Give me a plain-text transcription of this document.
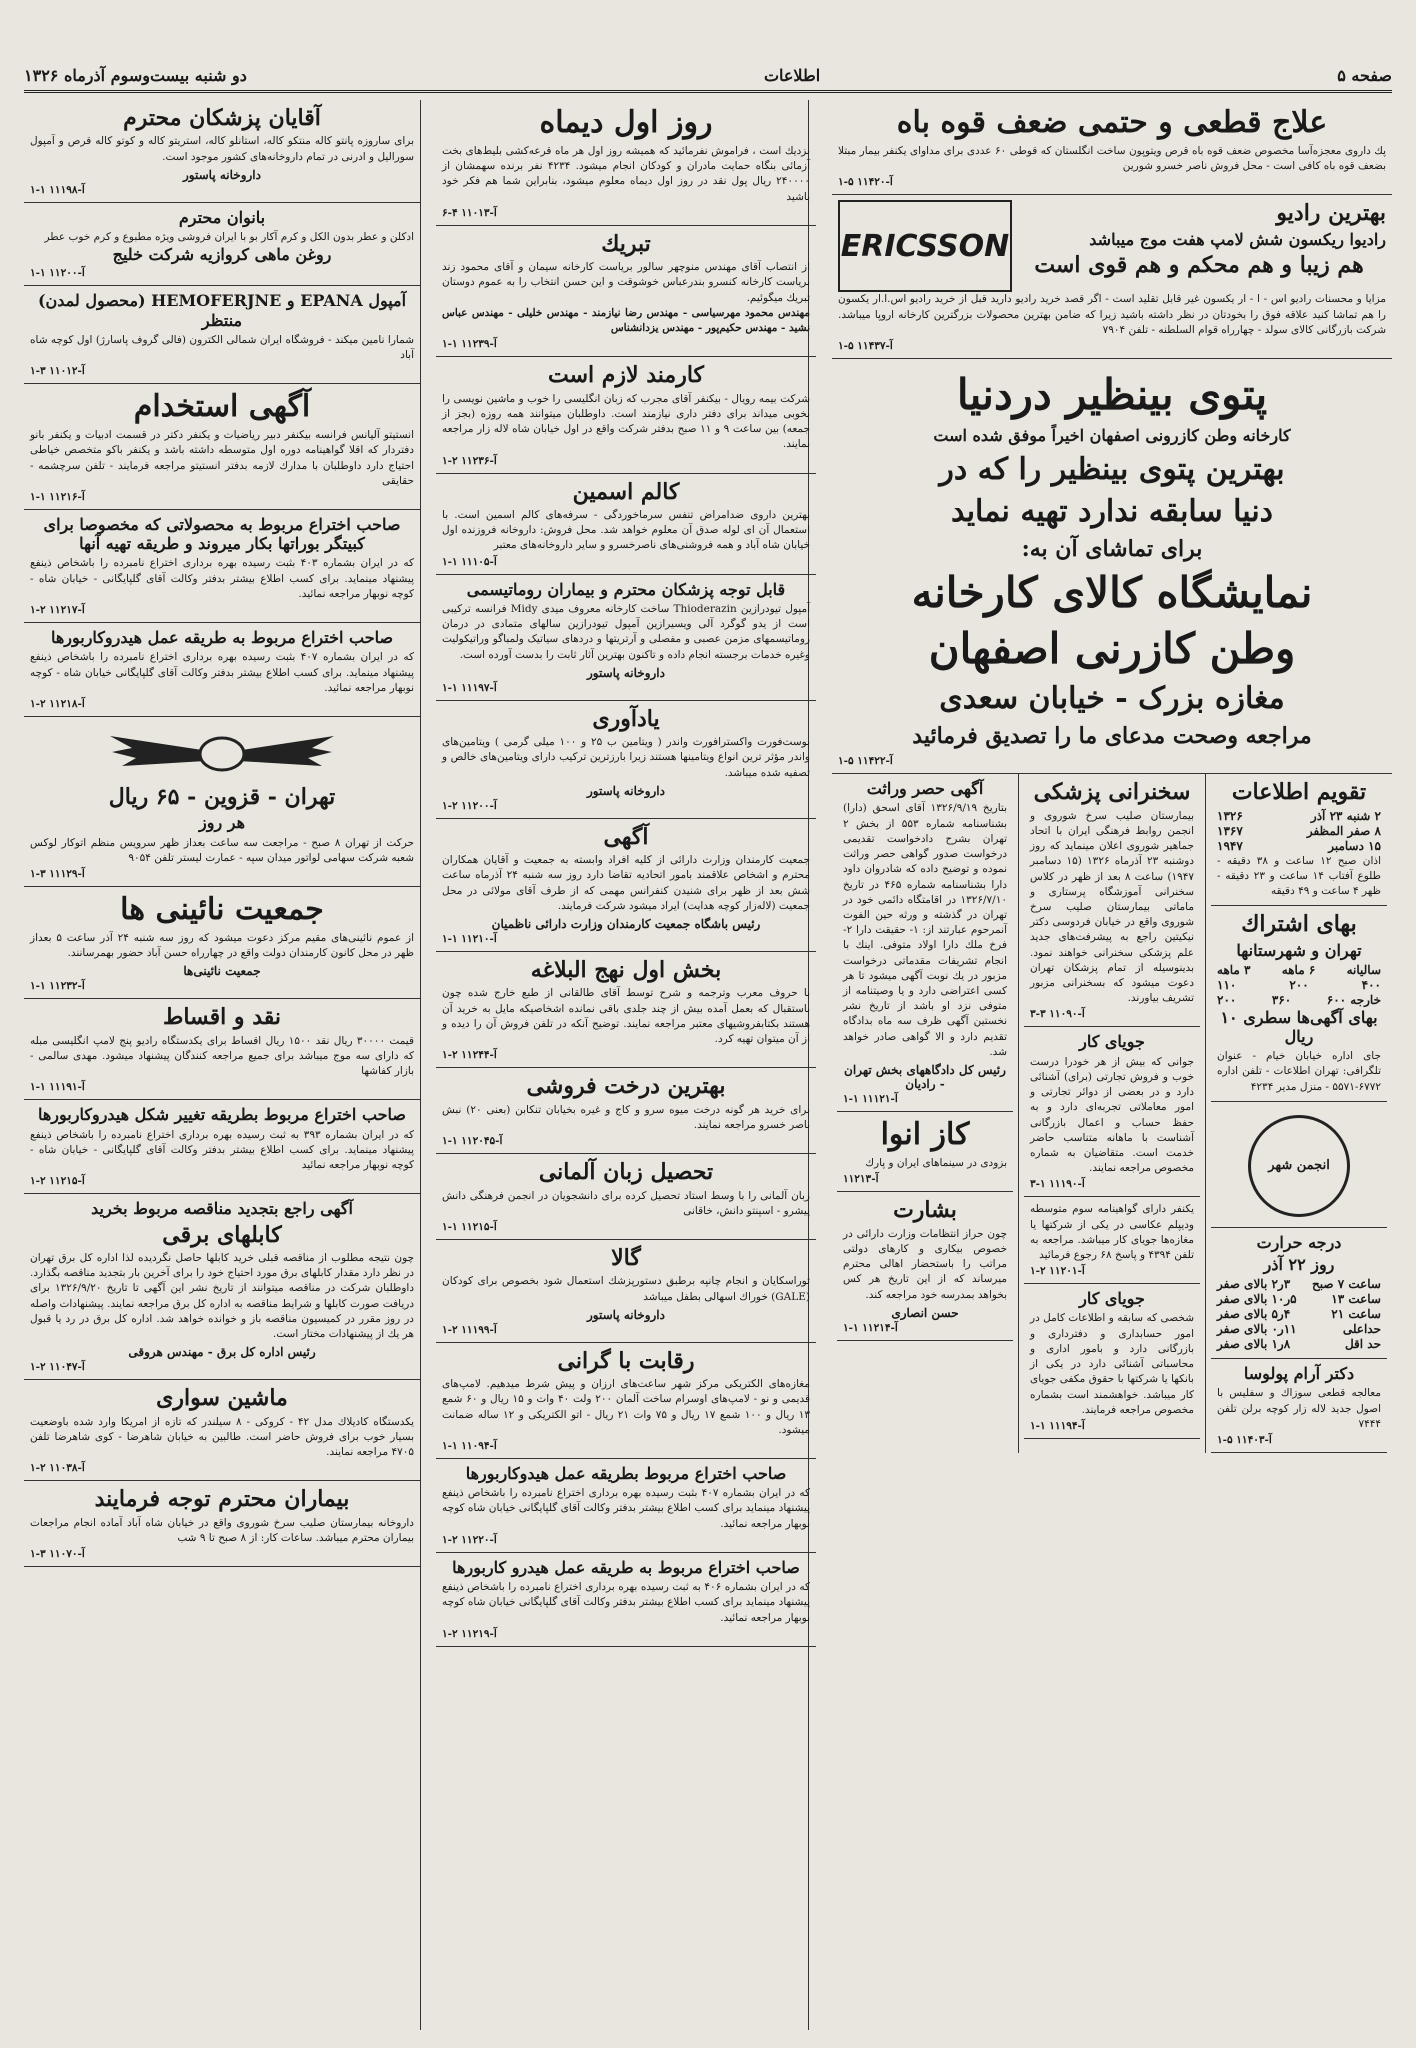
صفحه ۵
اطلاعات
دو شنبه بیست‌وسوم آذرماه ۱۳۲۶
علاج قطعی و حتمی ضعف قوه باه

پك داروی معجزه‌آسا مخصوص ضعف قوه باه قرص ویتوپون ساخت انگلستان که قوطی ۶۰ عددی برای مداوای یکنفر بیمار مبتلا بضعف قوه باه کافی است - محل فروش ناصر خسرو شورین

۱-۵ ۱۱۴۲۰-آ
بهترین رادیو
رادیوا ریکسون شش لامپ هفت موج میباشد
هم زیبا و هم محکم و هم قوی است
ERICSSON

مزایا و محسنات رادیو اس - ا - ار یکسون غیر قابل تقلید است - اگر قصد خرید رادیو دارید قبل از خرید رادیو اس.ا.ار یکسون را هم تماشا کنید علاقه فوق را بخودتان در نظر داشته باشید زیرا که ضامن بهترین محصولات بزرگترین کارخانه اروپا میباشد. شرکت بازرگانی کالای سولد - چهارراه قوام السلطنه - تلفن ۷۹۰۴

۱-۵ ۱۱۴۳۷-آ
پتوی بینظیر دردنیا
کارخانه وطن کازرونی اصفهان اخیراً موفق شده است
بهترین پتوی بینظیر را که در
دنیا سابقه ندارد تهیه نماید
برای تماشای آن به:
نمایشگاه کالای کارخانه
وطن کازرنی اصفهان
مغازه بزرک - خیابان سعدی
مراجعه وصحت مدعای ما را تصدیق فرمائید
۱-۵ ۱۱۴۲۲-آ
تقویم اطلاعات
۲ شنبه ۲۳ آذر
۱۳۲۶
۸ صفر المظفر
۱۳۶۷
۱۵ دسامبر
۱۹۴۷

اذان صبح ۱۲ ساعت و ۳۸ دقیقه - طلوع آفتاب ۱۴ ساعت و ۲۳ دقیقه - ظهر ۴ ساعت و ۴۹ دقیقه

بهای اشتراك
تهران و شهرستانها
ساليانه
۶ ماهه
۳ ماهه
۴۰۰
۲۰۰
۱۱۰
خارجه ۶۰۰
۳۶۰
۲۰۰
بهای آگهی‌ها سطری ۱۰ ریال

جای اداره خیابان خیام - عنوان تلگرافی: تهران اطلاعات - تلفن اداره ۶۷۷۲-۵۵۷۱ - منزل مدیر ۴۲۳۴

انجمن شهر
درجه حرارت
روز ۲۲ آذر
ساعت ۷ صبح
۳ر۲ بالای صفر
ساعت ۱۳
۵ر۱۰ بالای صفر
ساعت ۲۱
۴ر۵ بالای صفر
حداعلی
۱۱ر۰ بالای صفر
حد اقل
۸ر۱ بالای صفر
دکتر آرام پولوسا

معالجه قطعی سوزاك و سفلیس با اصول جدید لاله زار کوچه برلن تلفن ۷۴۴۴

۱-۵ ۱۱۴۰۳-آ
سخنرانی پزشکی

بیمارستان صلیب سرخ شوروی و انجمن روابط فرهنگی ایران با اتحاد جماهیر شوروی اعلان مینماید که روز دوشنبه ۲۳ آذرماه ۱۳۲۶ (۱۵ دسامبر ۱۹۴۷) ساعت ۸ بعد از ظهر در کلاس سخنرانی آموزشگاه پرستاری و ماماتی بیمارستان صلیب سرخ شوروی واقع در خیابان فردوسی دکتر نیکیتین راجع به پیشرفت‌های جدید علم پزشکی سخنرانی خواهند نمود. بدینوسیله از تمام پزشکان تهران دعوت میشود که بسخنرانی مزبور تشریف بیاورند.

۳-۳ ۱۱۰۹۰-آ
جویای کار

جوانی که بیش از هر خودرا درست خوب و فروش تجارتی (برای) آشنائی دارد و در بعضی از دوائر تجارتی و امور معاملاتی تجربه‌ای دارد و به حفظ حساب و اعمال بازرگانی آشناست با ماهانه متناسب حاضر خدمت است. متقاضیان به شماره مخصوص مراجعه نمایند.

۳-۱ ۱۱۱۹۰-آ

یکنفر دارای گواهینامه سوم متوسطه ودیپلم عکاسی در یکی از شرکتها یا مغازه‌ها جویای کار میباشد. مراجعه به تلفن ۴۳۹۴ و پاسخ ۶۸ رجوع فرمائید

۱-۲ ۱۱۲۰۱-آ
جویای کار

شخصی که سابقه و اطلاعات کامل در امور حسابداری و دفترداری و بازرگانی دارد و بامور اداری و محاسباتی آشنائی دارد در یکی از بانکها یا شرکتها با حقوق مکفی جویای کار میباشد. خواهشمند است بشماره مخصوص مراجعه فرمایند.

۱-۱ ۱۱۱۹۴-آ
آگهی حصر وراثت

بتاریخ ۱۳۲۶/۹/۱۹ آقای اسحق (دارا) بشناسنامه شماره ۵۵۳ از بخش ۲ تهران بشرح دادخواست تقدیمی درخواست صدور گواهی حصر وراثت نموده و توضیح داده که شادروان داود دارا بشناسنامه شماره ۴۶۵ در تاریخ ۱۳۲۶/۷/۱۰ در اقامتگاه دائمی خود در تهران در گذشته و ورثه حین الفوت آنمرحوم عبارتند از: ۱- حقیقت دارا ۲- فرخ ملك دارا اولاد متوفی. اینك با انجام تشریفات مقدماتی درخواست مزبور در یك نوبت آگهی میشود تا هر کسی اعتراضی دارد و یا وصیتنامه از متوفی نزد او باشد از تاریخ نشر نخستین آگهی ظرف سه ماه بدادگاه تقدیم دارد و الا گواهی صادر خواهد شد.

رئیس کل دادگاههای بخش تهران - رادیان
۱-۱ ۱۱۱۲۱-آ
کاز انوا

بزودی در سینماهای ایران و پارك

۱۱۲۱۳-آ
بشارت

چون حراز انتظامات وزارت دارائی در خصوص بیکاری و کارهای دولتی مراتب را باستحضار اهالی محترم میرساند که از این تاریخ هر کس بخواهد بمدرسه خود مراجعه کند.

حسن انصاری
۱-۱ ۱۱۲۱۴-آ
روز اول دیماه

نزدیك است ، فراموش نفرمائید که همیشه روز اول هر ماه قرعه‌کشی بلیط‌های بخت آزمائی بنگاه حمایت مادران و کودکان انجام میشود. ۴۲۳۴ نفر برنده سهمشان از ۲۴۰۰۰۰ ریال پول نقد در روز اول دیماه معلوم میشود، بنابراین شما هم فکر خود باشید

۶-۴ ۱۱۰۱۳-آ
تبریك

از انتصاب آقای مهندس منوچهر سالور بریاست کارخانه سیمان و آقای محمود زند بریاست کارخانه کنسرو بندرعباس خوشوقت و این حسن انتخاب را به عموم دوستان تبریك میگوئیم.

مهندس محمود مهرسیاسی - مهندس رضا نیازمند - مهندس خلیلی - مهندس عباس نشید - مهندس حکیم‌پور - مهندس یزدانشناس

۱-۱ ۱۱۲۳۹-آ
کارمند لازم است

شرکت بیمه رویال - بیکنفر آقای مجرب که زبان انگلیسی را خوب و ماشین نویسی را بخوبی میداند برای دفتر داری نیازمند است. داوطلبان میتوانند همه روزه (بجز از جمعه) بین ساعت ۹ و ۱۱ صبح بدفتر شرکت واقع در اول خیابان شاه لاله زار مراجعه نمایند.

۱-۲ ۱۱۲۳۶-آ
کالم اسمین

بهترین داروی ضدامراض تنفس سرماخوردگی - سرفه‌های کالم اسمین است. با استعمال آن ای لوله صدق آن معلوم خواهد شد. محل فروش: داروخانه فروزنده اول خیابان شاه آباد و همه فروشنی‌های ناصرخسرو و سایر داروخانه‌های معتبر

۱-۱ ۱۱۱۰۵-آ
قابل توجه پزشکان محترم و بیماران روماتیسمی

آمپول تیودرازین Thioderazin ساخت کارخانه معروف میدی Midy فرانسه ترکیبی است از یدو گوگرد آلی ویسیرازین آمپول تیودرازین سالهای متمادی در درمان روماتیسمهای مزمن عصبی و مفصلی و آرتریتها و دردهای سیاتیک ولمباگو وراتیکولیت وغیره خدمات برجسته انجام داده و تاکنون بهترین آثار ثابت را بدست آورده است.

داروخانه پاستور
۱-۱ ۱۱۱۹۷-آ
یادآوری

بوست‌فورت واکسترافورت واندر ( ویتامین ب ۲۵ و ۱۰۰ میلی گرمی ) ویتامین‌های واندر مؤثر ترین انواع ویتامینها هستند زیرا بارزترین ترکیب دارای ویتامین‌های خالص و تصفیه شده میباشد.

داروخانه پاستور
۱-۲ ۱۱۲۰۰-آ
آگهی

جمعیت کارمندان وزارت دارائی از کلیه افراد وابسته به جمعیت و آقایان همکاران محترم و اشخاص علاقمند بامور اتحادیه تقاضا دارد روز سه شنبه ۲۴ آذرماه ساعت شش بعد از ظهر برای شنیدن کنفرانس مهمی که از طرف آقای مولائی در محل جمعیت (لاله‌زار کوچه هدایت) ایراد میشود شرکت فرمایند.

رئیس باشگاه جمعیت کارمندان وزارت دارائی ناظمیان
۱-۱ ۱۱۲۱۰-آ
بخش اول نهج البلاغه

با حروف معرب وترجمه و شرح توسط آقای طالقانی از طبع خارج شده چون باستقبال که بعمل آمده بیش از چند جلدی باقی نمانده اشخاصیکه مایل به خرید آن هستند بکتابفروشیهای معتبر مراجعه نمایند. توضیح آنکه در تلفن فروش آن را دیده و از آن میتوان تهیه کرد.

۱-۲ ۱۱۲۴۴-آ
بهترین درخت فروشی

برای خرید هر گونه درخت میوه سرو و کاج و غیره بخیابان تنکابن (بعنی ۲۰) نبش ناصر خسرو مراجعه نمایند.

۱-۱ ۱۱۲۰۴۵-آ
تحصیل زبان آلمانی

زبان آلمانی را با وسط استاد تحصیل کرده برای دانشجویان در انجمن فرهنگی دانش پیشرو - اسپنتو دانش، خاقانی

۱-۱ ۱۱۲۱۵-آ
گالا

توراسکایان و انجام چانپه برطبق دستورپزشك استعمال شود بخصوص برای کودکان (GALE) خوراك اسهالی بطفل میباشد

داروخانه پاستور
۱-۲ ۱۱۱۹۹-آ
رقابت با گرانی

مغازه‌های الکتریکی مرکز شهر ساعت‌های ارزان و پیش شرط میدهیم. لامپ‌های قدیمی و نو - لامپ‌های اوسرام ساخت آلمان ۲۰۰ ولت ۴۰ وات و ۱۵ ریال و ۶۰ شمع ۱۳ ریال و ۱۰۰ شمع ۱۷ ریال و ۷۵ وات ۲۱ ریال - اتو الکتریکی و ۱۲ ساله ضمانت میشود.

۱-۱ ۱۱۰۹۴-آ
صاحب اختراع مربوط بطریقه عمل هیدوکاربورها

که در ایران بشماره ۴۰۷ بثبت رسیده بهره برداری اختراع نامبرده را باشخاص ذینفع پیشنهاد مینماید برای کسب اطلاع بیشتر بدفتر وکالت آقای گلپایگانی خیابان شاه کوچه نوبهار مراجعه نمائید.

۱-۲ ۱۱۲۲۰-آ
صاحب اختراع مربوط به طریقه عمل هیدرو کاربورها

که در ایران بشماره ۴۰۶ به ثبت رسیده بهره برداری اختراع نامبرده را باشخاص ذینفع پیشنهاد مینماید برای کسب اطلاع بیشتر بدفتر وکالت آقای گلپایگانی خیابان شاه کوچه نوبهار مراجعه نمائید.

۱-۲ ۱۱۲۱۹-آ
آقایان پزشکان محترم

برای ساروزه پانتو کاله منتکو کاله، استانلو کاله، استریتو کاله و کوتو کاله قرص و آمپول سورالیل و ادرنی در تمام داروخانه‌های کشور موجود است.

داروخانه پاستور
۱-۱ ۱۱۱۹۸-آ
بانوان محترم

ادکلن و عطر بدون الکل و کرم آکار بو با ایران فروشی ویژه مطبوع و کرم خوب عطر

روغن ماهی کروازیه شرکت خلیج
۱-۱ ۱۱۲۰۰-آ
آمپول EPANA و HEMOFERJNE (محصول لمدن) منتظر

شمارا نامین میکند - فروشگاه ایران شمالی الکترون (فالی گروف پاسارژ) اول کوچه شاه آباد

۱-۳ ۱۱۰۱۲-آ
آگهی استخدام

انستیتو آلیانس فرانسه بیکنفر دبیر ریاضیات و یکنفر دکتر در قسمت ادبیات و یکنفر بانو دفتردار که اقلا گواهینامه دوره اول متوسطه داشته باشد و یکنفر باکو متخصص خیاطی احتیاج دارد داوطلبان با مدارك لازمه بدفتر انستیتو مراجعه فرمایند - تلفن سرچشمه - حقایقی

۱-۱ ۱۱۲۱۶-آ
صاحب اختراع مربوط به محصولاتی که مخصوصا برای کبیتگر بوراتها بکار میروند و طریقه تهیه آنها

که در ایران بشماره ۴۰۳ بثبت رسیده بهره برداری اختراع نامبرده را باشخاص ذینفع پیشنهاد مینماید. برای کسب اطلاع بیشتر بدفتر وکالت آقای گلپایگانی - خیابان شاه - کوچه نوبهار مراجعه نمائید.

۱-۲ ۱۱۲۱۷-آ
صاحب اختراع مربوط به طریقه عمل هیدروکاربورها

که در ایران بشماره ۴۰۷ بثبت رسیده بهره برداری اختراع نامبرده را باشخاص ذینفع پیشنهاد مینماید. برای کسب اطلاع بیشتر بدفتر وکالت آقای گلپایگانی خیابان شاه - کوچه نوبهار مراجعه نمائید.

۱-۲ ۱۱۲۱۸-آ
تهران - قزوین - ۶۵ ریال
هر روز

حرکت از تهران ۸ صبح - مراجعت سه ساعت بعداز ظهر سرویس منظم اتوکار لوکس شعبه شرکت سهامی لواتور میدان سپه - عمارت لیستر تلفن ۹۰۵۴

۱-۳ ۱۱۱۲۹-آ
جمعیت نائینی ها

از عموم نائینی‌های مقیم مرکز دعوت میشود که روز سه شنبه ۲۴ آذر ساعت ۵ بعداز ظهر در محل کانون کارمندان دولت واقع در چهارراه حسن آباد حضور بهمرسانند.

جمعیت نائینی‌ها
۱-۱ ۱۱۲۳۲-آ
نقد و اقساط

قیمت ۳۰۰۰۰ ریال نقد ۱۵۰۰ ریال اقساط برای یکدستگاه رادیو پنج لامپ انگلیسی مبله که دارای سه موج میباشد برای جمیع مراجعه کنندگان پیشنهاد میشود. مهدی سالمی - بازار کفاشها

۱-۱ ۱۱۱۹۱-آ
صاحب اختراع مربوط بطریقه تغییر شکل هیدروکاربورها

که در ایران بشماره ۳۹۳ به ثبت رسیده بهره برداری اختراع نامبرده را باشخاص ذینفع پیشنهاد مینماید. برای کسب اطلاع بیشتر بدفتر وکالت آقای گلپایگانی - خیابان شاه - کوچه نوبهار مراجعه نمائید

۱-۲ ۱۱۲۱۵-آ
آگهی راجع بتجدید مناقصه مربوط بخرید
کابلهای برقی

چون نتیجه مطلوب از مناقصه قبلی خرید کابلها حاصل نگردیده لذا اداره کل برق تهران در نظر دارد مقدار کابلهای برق مورد احتیاج خود را برای آخرین بار بتجدید مناقصه بگذارد. داوطلبان شرکت در مناقصه میتوانند از تاریخ نشر این آگهی تا تاریخ ۱۳۲۶/۹/۲۰ برای دریافت صورت کابلها و شرایط مناقصه به اداره کل برق مراجعه نمایند. پیشنهادات واصله در روز مقرر در کمیسیون مناقصه باز و خوانده خواهد شد. اداره کل برق در رد یا قبول هر یك از پیشنهادات مختار است.

رئیس اداره کل برق - مهندس هروقی
۱-۲ ۱۱۰۴۷-آ
ماشین سواری

یکدستگاه کادیلاك مدل ۴۲ - کروکی - ۸ سیلندر که تازه از امریکا وارد شده باوضعیت بسیار خوب برای فروش حاضر است. طالبین به خیابان شاهرضا - کوی شاهرضا تلفن ۴۷۰۵ مراجعه نمایند.

۱-۲ ۱۱۰۳۸-آ
بیماران محترم توجه فرمایند

داروخانه بیمارستان صلیب سرخ شوروی واقع در خیابان شاه آباد آماده انجام مراجعات بیماران محترم میباشد. ساعات کار: از ۸ صبح تا ۹ شب

۱-۳ ۱۱۰۷۰-آ
